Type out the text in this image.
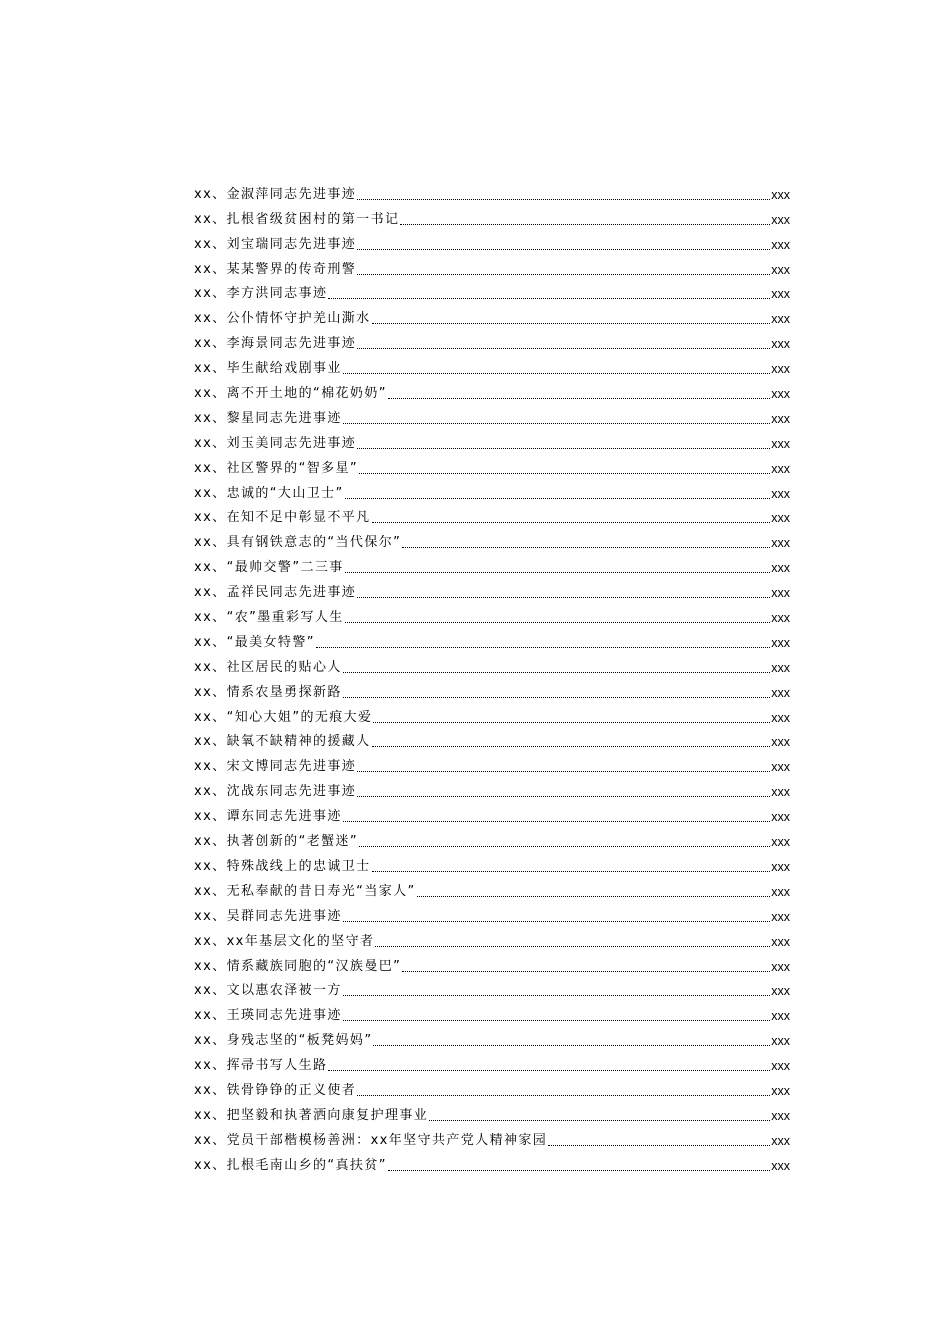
xx、金淑萍同志先进事迹	xxx
xx、扎根省级贫困村的第一书记	xxx
xx、刘宝瑞同志先进事迹	xxx
xx、某某警界的传奇刑警	xxx
xx、李方洪同志事迹	xxx
xx、公仆情怀守护羌山澌水	xxx
xx、李海景同志先进事迹	xxx
xx、毕生献给戏剧事业	xxx
xx、离不开土地的“棉花奶奶”	xxx
xx、黎星同志先进事迹	xxx
xx、刘玉美同志先进事迹	xxx
xx、社区警界的“智多星”	xxx
xx、忠诚的“大山卫士”	xxx
xx、在知不足中彰显不平凡	xxx
xx、具有钢铁意志的“当代保尔”	xxx
xx、“最帅交警”二三事	xxx
xx、孟祥民同志先进事迹	xxx
xx、“农”墨重彩写人生	xxx
xx、“最美女特警”	xxx
xx、社区居民的贴心人	xxx
xx、情系农垦勇探新路	xxx
xx、“知心大姐”的无痕大爱	xxx
xx、缺氧不缺精神的援藏人	xxx
xx、宋文博同志先进事迹	xxx
xx、沈战东同志先进事迹	xxx
xx、谭东同志先进事迹	xxx
xx、执著创新的“老蟹迷”	xxx
xx、特殊战线上的忠诚卫士	xxx
xx、无私奉献的昔日寿光“当家人”	xxx
xx、吴群同志先进事迹	xxx
xx、xx年基层文化的坚守者	xxx
xx、情系藏族同胞的“汉族曼巴”	xxx
xx、文以惠农泽被一方	xxx
xx、王瑛同志先进事迹	xxx
xx、身残志坚的“板凳妈妈”	xxx
xx、挥帚书写人生路	xxx
xx、铁骨铮铮的正义使者	xxx
xx、把坚毅和执著洒向康复护理事业	xxx
xx、党员干部楷模杨善洲：xx年坚守共产党人精神家园	xxx
xx、扎根毛南山乡的“真扶贫”	xxx
